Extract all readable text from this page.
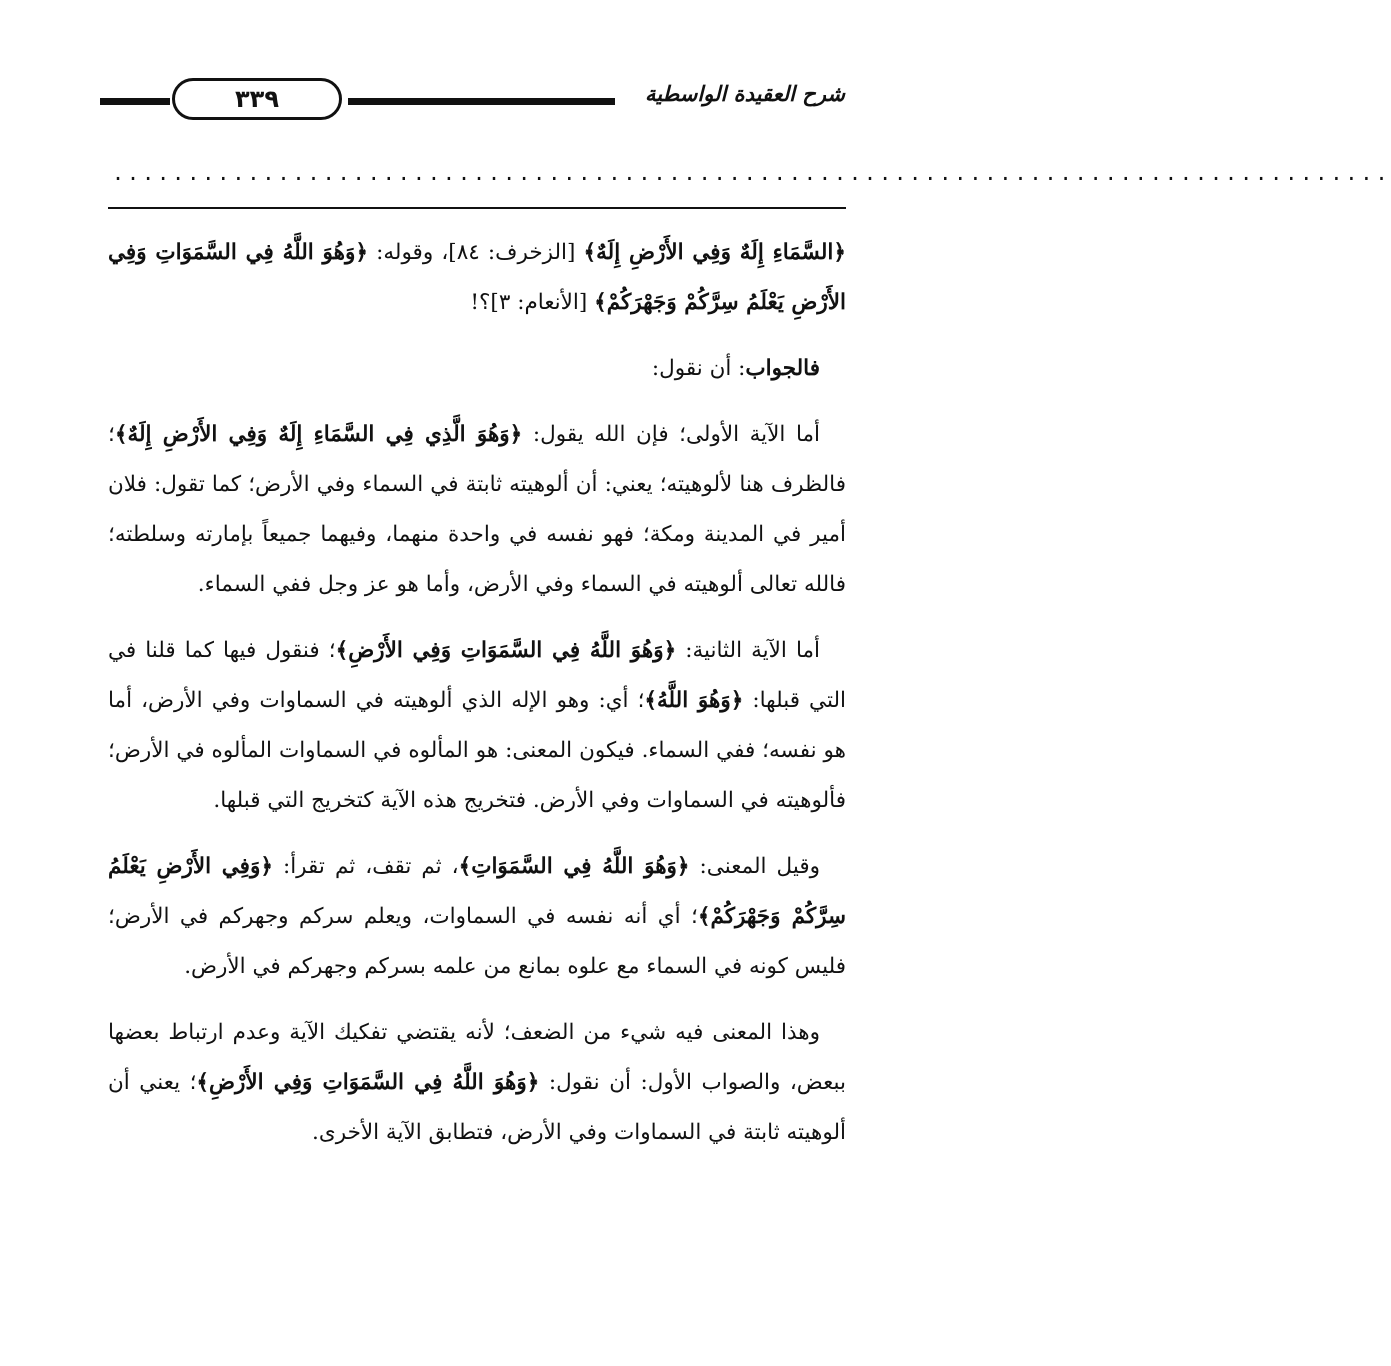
٣٣٩	شرح العقيدة الواسطية
.....................................................................................

﴿السَّمَاءِ إِلَهٌ وَفِي الأَرْضِ إِلَهٌ﴾ [الزخرف: ٨٤]، وقوله: ﴿وَهُوَ اللَّهُ فِي السَّمَوَاتِ وَفِي الأَرْضِ يَعْلَمُ سِرَّكُمْ وَجَهْرَكُمْ﴾ [الأنعام: ٣]؟!

فالجواب: أن نقول:

أما الآية الأولى؛ فإن الله يقول: ﴿وَهُوَ الَّذِي فِي السَّمَاءِ إِلَهٌ وَفِي الأَرْضِ إِلَهٌ﴾؛ فالظرف هنا لألوهيته؛ يعني: أن ألوهيته ثابتة في السماء وفي الأرض؛ كما تقول: فلان أمير في المدينة ومكة؛ فهو نفسه في واحدة منهما، وفيهما جميعاً بإمارته وسلطته؛ فالله تعالى ألوهيته في السماء وفي الأرض، وأما هو عز وجل ففي السماء.

أما الآية الثانية: ﴿وَهُوَ اللَّهُ فِي السَّمَوَاتِ وَفِي الأَرْضِ﴾؛ فنقول فيها كما قلنا في التي قبلها: ﴿وَهُوَ اللَّهُ﴾؛ أي: وهو الإله الذي ألوهيته في السماوات وفي الأرض، أما هو نفسه؛ ففي السماء. فيكون المعنى: هو المألوه في السماوات المألوه في الأرض؛ فألوهيته في السماوات وفي الأرض. فتخريج هذه الآية كتخريج التي قبلها.

وقيل المعنى: ﴿وَهُوَ اللَّهُ فِي السَّمَوَاتِ﴾، ثم تقف، ثم تقرأ: ﴿وَفِي الأَرْضِ يَعْلَمُ سِرَّكُمْ وَجَهْرَكُمْ﴾؛ أي أنه نفسه في السماوات، ويعلم سركم وجهركم في الأرض؛ فليس كونه في السماء مع علوه بمانع من علمه بسركم وجهركم في الأرض.

وهذا المعنى فيه شيء من الضعف؛ لأنه يقتضي تفكيك الآية وعدم ارتباط بعضها ببعض، والصواب الأول: أن نقول: ﴿وَهُوَ اللَّهُ فِي السَّمَوَاتِ وَفِي الأَرْضِ﴾؛ يعني أن ألوهيته ثابتة في السماوات وفي الأرض، فتطابق الآية الأخرى.
